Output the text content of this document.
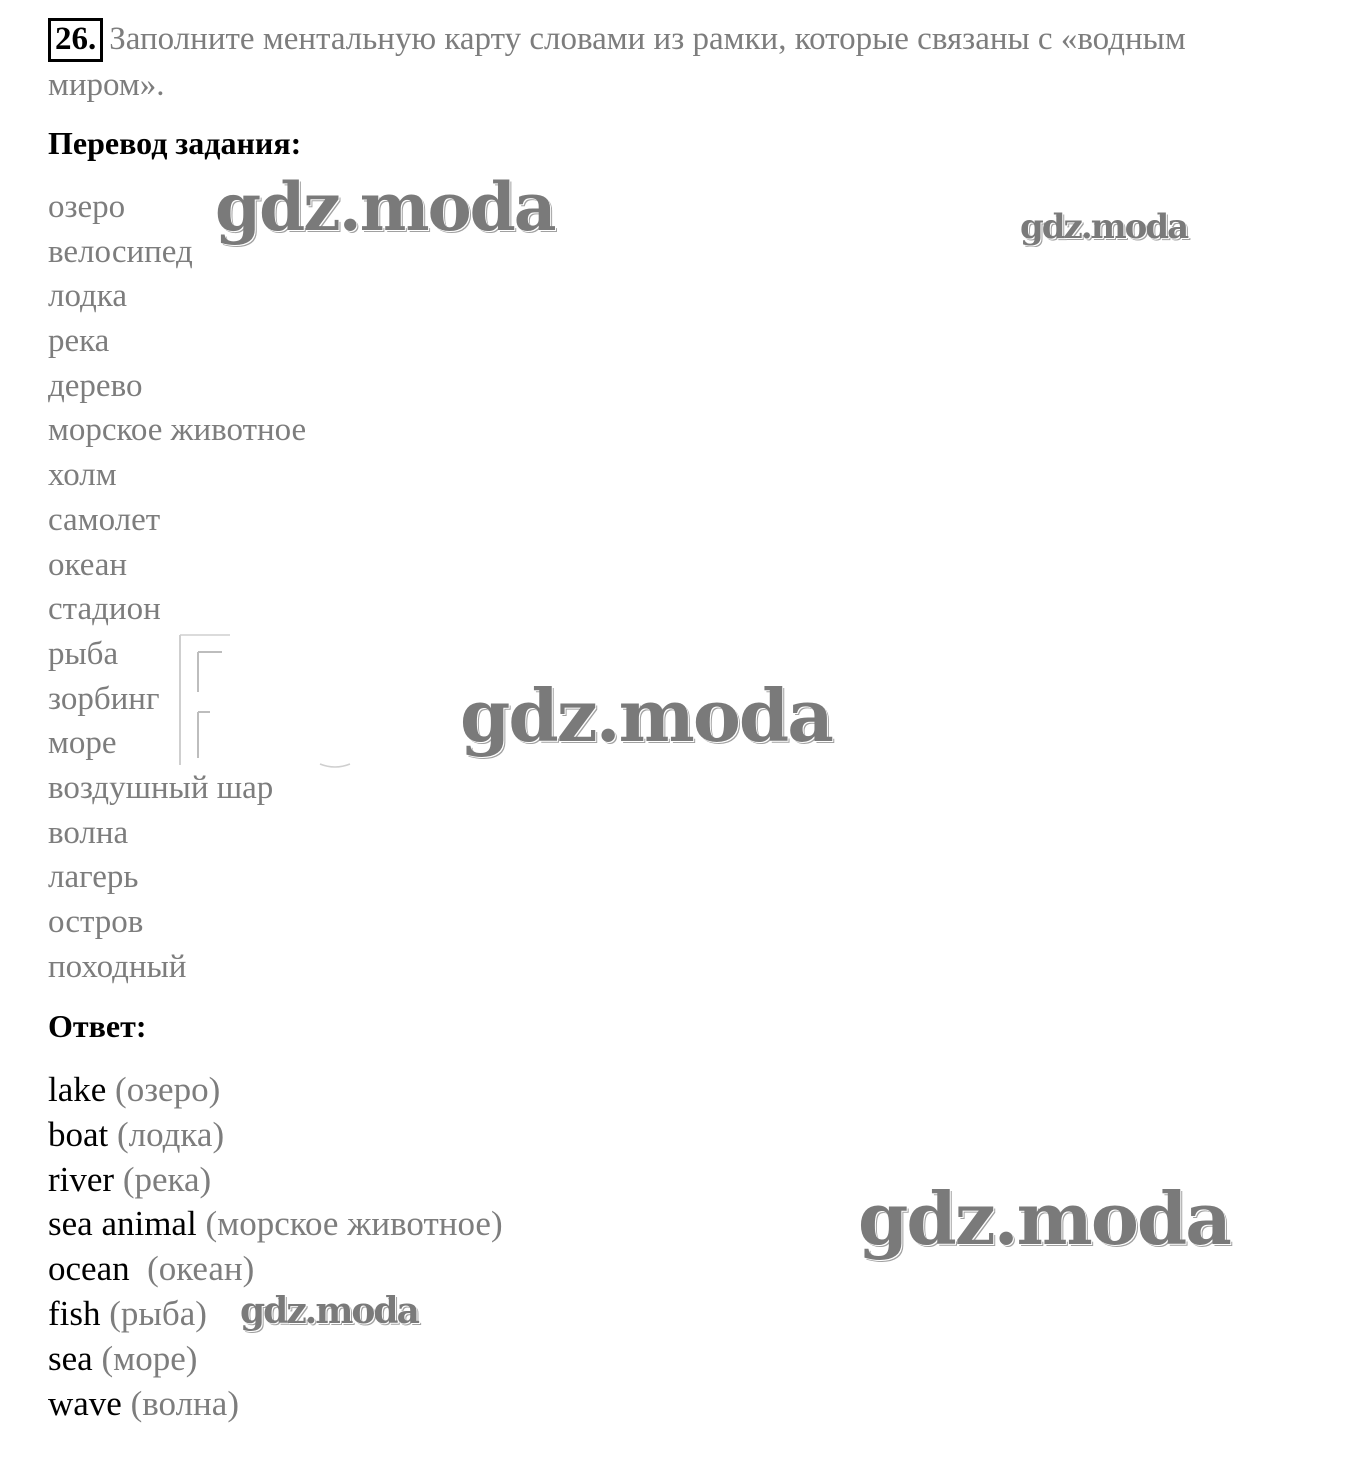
26. Заполните ментальную карту словами из рамки, которые связаны с «водным миром».
Перевод задания:
озеро
велосипед
лодка
река
дерево
морское животное
холм
самолет
океан
стадион
рыба
зорбинг
море
воздушный шар
волна
лагерь
остров
походный
Ответ:
lake (озеро)
boat (лодка)
river (река)
sea animal (морское животное)
ocean  (океан)
fish (рыба)
sea (море)
wave (волна)
gdz.moda	gdz.moda
gdz.moda
gdz.moda
gdz.moda
